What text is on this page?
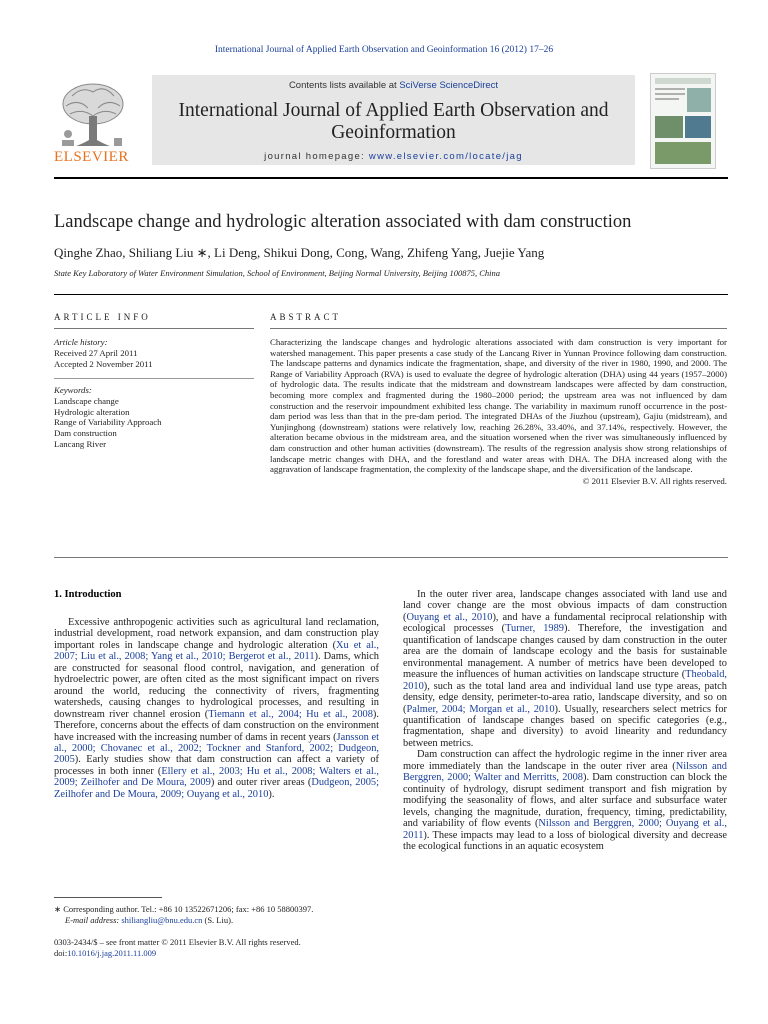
International Journal of Applied Earth Observation and Geoinformation 16 (2012) 17–26
ELSEVIER
Contents lists available at SciVerse ScienceDirect
International Journal of Applied Earth Observation and
Geoinformation
journal homepage: www.elsevier.com/locate/jag
Landscape change and hydrologic alteration associated with dam construction
Qinghe Zhao, Shiliang Liu ∗, Li Deng, Shikui Dong, Cong, Wang, Zhifeng Yang, Juejie Yang
State Key Laboratory of Water Environment Simulation, School of Environment, Beijing Normal University, Beijing 100875, China
ARTICLE INFO
Article history:
Received 27 April 2011
Accepted 2 November 2011
Keywords:
Landscape change
Hydrologic alteration
Range of Variability Approach
Dam construction
Lancang River
ABSTRACT

Characterizing the landscape changes and hydrologic alterations associated with dam construction is very important for watershed management. This paper presents a case study of the Lancang River in Yunnan Province following dam construction. The landscape patterns and dynamics indicate the fragmentation, shape, and diversity of the river in 1980, 1990, and 2000. The Range of Variability Approach (RVA) is used to evaluate the degree of hydrologic alteration (DHA) using 44 years (1957–2000) of hydrologic data. The results indicate that the midstream and downstream landscapes were affected by dam construction, becoming more complex and fragmented during the 1980–2000 period; the upstream area was not influenced by dam construction and the reservoir impoundment exhibited less change. The variability in maximum runoff occurrence in the post-dam period was less than that in the pre-dam period. The integrated DHAs of the Jiuzhou (upstream), Gajiu (midstream), and Yunjinghong (downstream) stations were relatively low, reaching 26.28%, 33.40%, and 37.14%, respectively. However, the alteration became obvious in the midstream area, and the situation worsened when the river was simultaneously influenced by dam construction and other human activities (downstream). The results of the regression analysis show strong relationships of landscape metric changes with DHA, and the forestland and water areas with DHA. The DHA increased along with the aggravation of landscape fragmentation, the complexity of the landscape shape, and the diversification of the landscape.

© 2011 Elsevier B.V. All rights reserved.
1. Introduction

Excessive anthropogenic activities such as agricultural land reclamation, industrial development, road network expansion, and dam construction play important roles in landscape change and hydrologic alteration (Xu et al., 2007; Liu et al., 2008; Yang et al., 2010; Bergerot et al., 2011). Dams, which are constructed for seasonal flood control, navigation, and generation of hydroelectric power, are often cited as the most significant impact on rivers around the world, reducing the connectivity of rivers, fragmenting watersheds, causing changes to hydrological processes, and resulting in downstream river channel erosion (Tiemann et al., 2004; Hu et al., 2008). Therefore, concerns about the effects of dam construction on the environment have increased with the increasing number of dams in recent years (Jansson et al., 2000; Chovanec et al., 2002; Tockner and Stanford, 2002; Dudgeon, 2005). Early studies show that dam construction can affect a variety of processes in both inner (Ellery et al., 2003; Hu et al., 2008; Walters et al., 2009; Zeilhofer and De Moura, 2009) and outer river areas (Dudgeon, 2005; Zeilhofer and De Moura, 2009; Ouyang et al., 2010).

In the outer river area, landscape changes associated with land use and land cover change are the most obvious impacts of dam construction (Ouyang et al., 2010), and have a fundamental reciprocal relationship with ecological processes (Turner, 1989). Therefore, the investigation and quantification of landscape changes caused by dam construction in the outer area are the domain of landscape ecology and the basis for sustainable environmental management. A number of metrics have been developed to measure the influences of human activities on landscape structure (Theobald, 2010), such as the total land area and individual land use type areas, patch density, edge density, perimeter-to-area ratio, landscape diversity, and so on (Palmer, 2004; Morgan et al., 2010). Usually, researchers select metrics for quantification of landscape changes based on specific categories (e.g., fragmentation, shape and diversity) to avoid linearity and redundancy between metrics.

Dam construction can affect the hydrologic regime in the inner river area more immediately than the landscape in the outer river area (Nilsson and Berggren, 2000; Walter and Merritts, 2008). Dam construction can block the continuity of hydrology, disrupt sediment transport and fish migration by modifying the seasonality of flows, and alter surface and subsurface water levels, changing the magnitude, duration, frequency, timing, predictability, and variability of flow events (Nilsson and Berggren, 2000; Ouyang et al., 2011). These impacts may lead to a loss of biological diversity and decrease the ecological functions in an aquatic ecosystem

∗ Corresponding author. Tel.: +86 10 13522671206; fax: +86 10 58800397.
E-mail address: shiliangliu@bnu.edu.cn (S. Liu).
0303-2434/$ – see front matter © 2011 Elsevier B.V. All rights reserved.
doi:10.1016/j.jag.2011.11.009
